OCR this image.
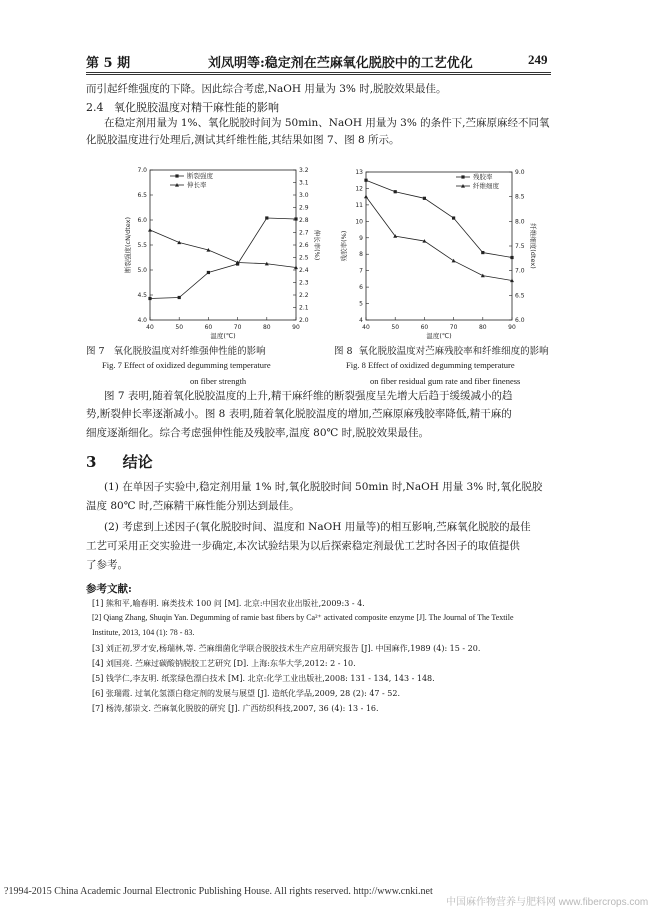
第 5 期	刘凤明等:稳定剂在苎麻氧化脱胶中的工艺优化	249
而引起纤维强度的下降。因此综合考虑,NaOH 用量为 3% 时,脱胶效果最佳。
2.4 氧化脱胶温度对精干麻性能的影响
在稳定剂用量为 1%、氧化脱胶时间为 50min、NaOH 用量为 3% 的条件下,苎麻原麻经不同氧
化脱胶温度进行处理后,测试其纤维性能,其结果如图 7、图 8 所示。
40	50	60	70	80	90
4.0
4.5
5.0
5.5
6.0
6.5
7.0
2.0
2.1
2.2
2.3
2.4
2.5
2.6
2.7
2.8
2.9
3.0
3.1
3.2
温度(℃)
断裂强度(cN/dtex)	伸长率(%)
断裂强度
伸长率
40	50	60	70	80	90
4
5
6
7
8
9
10
11
12
13
6.0
6.5
7.0
7.5
8.0
8.5
9.0
温度(℃)
残胶率(%)	纤维细度(dtex)
残胶率
纤维细度
图 7 氧化脱胶温度对纤维强伸性能的影响	图 8 氧化脱胶温度对苎麻残胶率和纤维细度的影响
Fig. 7 Effect of oxidized degumming temperature	Fig. 8 Effect of oxidized degumming temperature
on fiber strength	on fiber residual gum rate and fiber fineness
图 7 表明,随着氧化脱胶温度的上升,精干麻纤维的断裂强度呈先增大后趋于缓缓减小的趋
势,断裂伸长率逐渐减小。图 8 表明,随着氧化脱胶温度的增加,苎麻原麻残胶率降低,精干麻的
细度逐渐细化。综合考虑强伸性能及残胶率,温度 80℃ 时,脱胶效果最佳。
3 结论
(1) 在单因子实验中,稳定剂用量 1% 时,氧化脱胶时间 50min 时,NaOH 用量 3% 时,氧化脱胶
温度 80℃ 时,苎麻精干麻性能分别达到最佳。
(2) 考虑到上述因子(氧化脱胶时间、温度和 NaOH 用量等)的相互影响,苎麻氧化脱胶的最佳
工艺可采用正交实验进一步确定,本次试验结果为以后探索稳定剂最优工艺时各因子的取值提供
了参考。
参考文献:
[1] 熊和平,喻春明. 麻类技术 100 问 [M]. 北京:中国农业出版社,2009:3 - 4.
[2] Qiang Zhang, Shuqin Yan. Degumming of ramie bast fibers by Ca²⁺ activated composite enzyme [J]. The Journal of The Textile
Institute, 2013, 104 (1): 78 - 83.
[3] 刘正初,罗才安,杨瑞林,等. 苎麻细菌化学联合脱胶技术生产应用研究报告 [J]. 中国麻作,1989 (4): 15 - 20.
[4] 刘国亮. 苎麻过碳酸钠脱胶工艺研究 [D]. 上海:东华大学,2012: 2 - 10.
[5] 钱学仁,李友明. 纸浆绿色漂白技术 [M]. 北京:化学工业出版社,2008: 131 - 134, 143 - 148.
[6] 张瑞霞. 过氧化氢漂白稳定剂的发展与展望 [J]. 造纸化学品,2009, 28 (2): 47 - 52.
[7] 杨涛,郁崇文. 苎麻氧化脱胶的研究 [J]. 广西纺织科技,2007, 36 (4): 13 - 16.
?1994-2015 China Academic Journal Electronic Publishing House. All rights reserved. http://www.cnki.net
中国麻作物营养与肥料网 www.fibercrops.com
